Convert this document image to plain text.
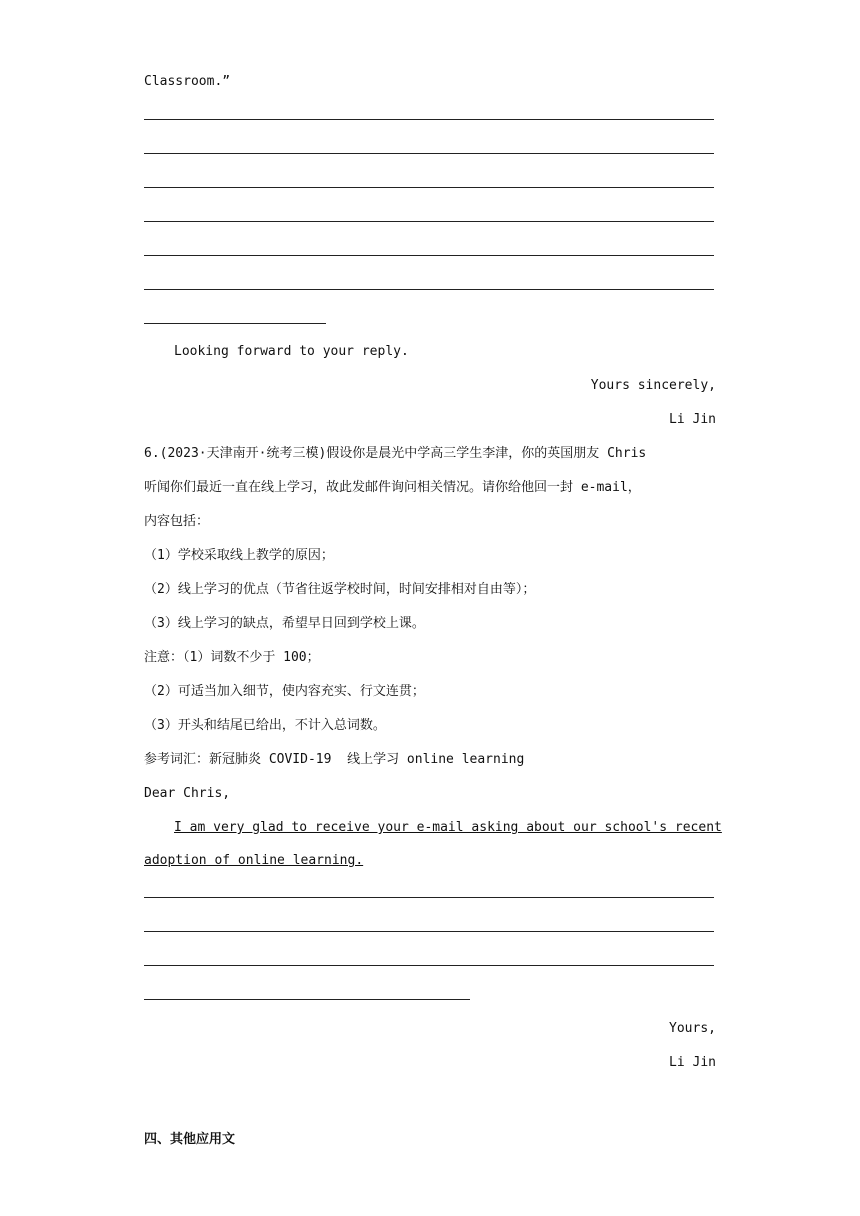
Classroom.”
Looking forward to your reply.
Yours sincerely,
Li Jin
6.(2023·天津南开·统考三模)假设你是晨光中学高三学生李津，你的英国朋友 Chris
听闻你们最近一直在线上学习，故此发邮件询问相关情况。请你给他回一封 e-mail，
内容包括：
（1）学校采取线上教学的原因；
（2）线上学习的优点（节省往返学校时间，时间安排相对自由等）；
（3）线上学习的缺点，希望早日回到学校上课。
注意：（1）词数不少于 100；
（2）可适当加入细节，使内容充实、行文连贯；
（3）开头和结尾已给出，不计入总词数。
参考词汇：新冠肺炎 COVID-19  线上学习 online learning
Dear Chris,
I am very glad to receive your e-mail asking about our school's recent
adoption of online learning.
Yours,
Li Jin
四、其他应用文
